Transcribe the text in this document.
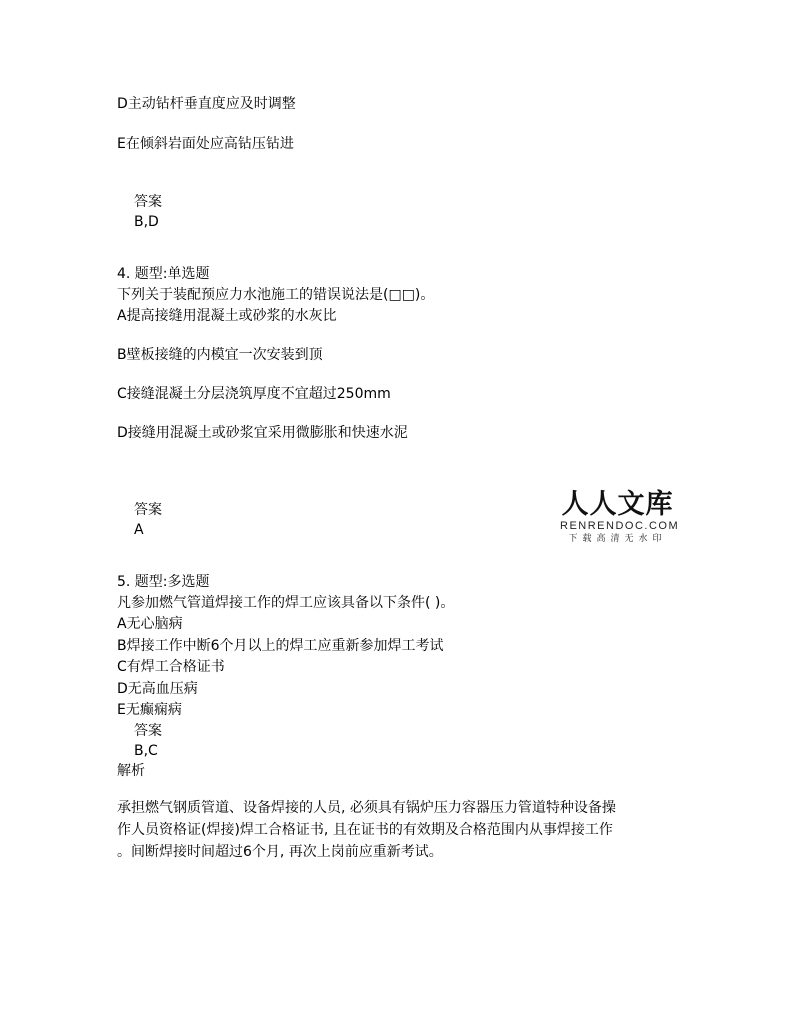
D主动钻杆垂直度应及时调整
E在倾斜岩面处应高钻压钻进
答案
B,D
4. 题型:单选题
下列关于装配预应力水池施工的错误说法是(□□)。
A提高接缝用混凝土或砂浆的水灰比
B壁板接缝的内模宜一次安装到顶
C接缝混凝土分层浇筑厚度不宜超过250mm
D接缝用混凝土或砂浆宜采用微膨胀和快速水泥
答案
A
人人文库
RENRENDOC.COM
下载高清无水印
5. 题型:多选题
凡参加燃气管道焊接工作的焊工应该具备以下条件( )。
A无心脑病
B焊接工作中断6个月以上的焊工应重新参加焊工考试
C有焊工合格证书
D无高血压病
E无癫痫病
答案
B,C
解析
承担燃气钢质管道、设备焊接的人员, 必须具有锅炉压力容器压力管道特种设备操
作人员资格证(焊接)焊工合格证书, 且在证书的有效期及合格范围内从事焊接工作
。间断焊接时间超过6个月, 再次上岗前应重新考试。
